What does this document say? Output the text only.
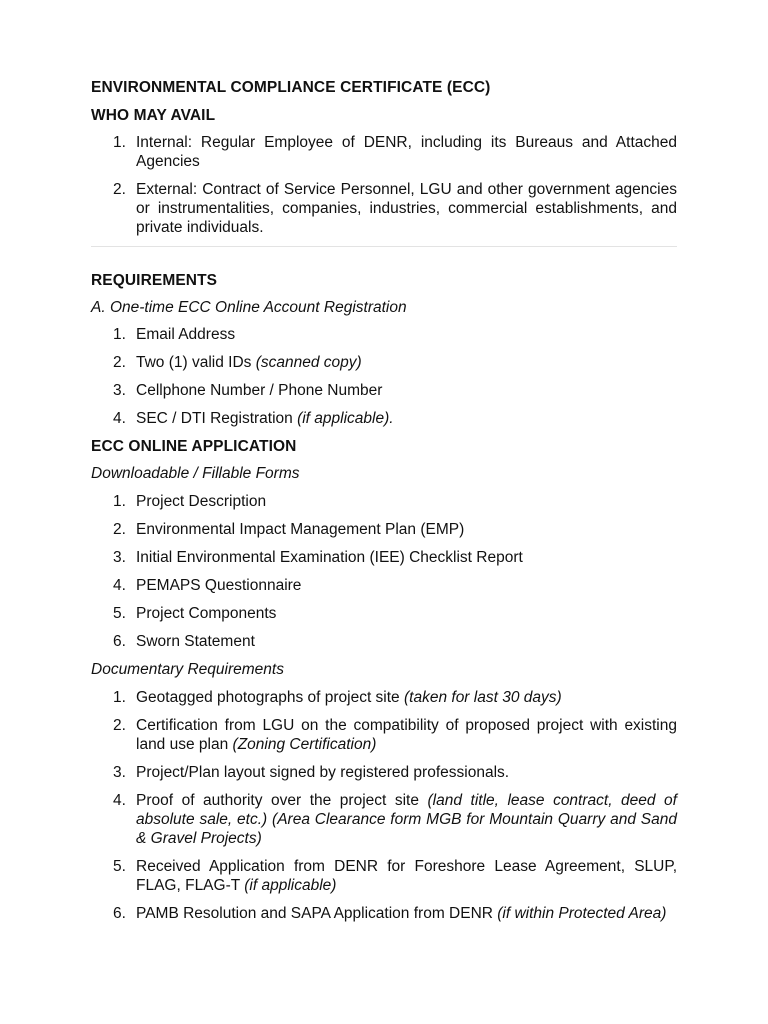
ENVIRONMENTAL COMPLIANCE CERTIFICATE (ECC)
WHO MAY AVAIL
1. Internal: Regular Employee of DENR, including its Bureaus and Attached Agencies
2. External: Contract of Service Personnel, LGU and other government agencies or instrumentalities, companies, industries, commercial establishments, and private individuals.
REQUIREMENTS

A. One-time ECC Online Account Registration

1. Email Address
2. Two (1) valid IDs (scanned copy)
3. Cellphone Number / Phone Number
4. SEC / DTI Registration (if applicable).
ECC ONLINE APPLICATION

Downloadable / Fillable Forms

1. Project Description
2. Environmental Impact Management Plan (EMP)
3. Initial Environmental Examination (IEE) Checklist Report
4. PEMAPS Questionnaire
5. Project Components
6. Sworn Statement

Documentary Requirements

1. Geotagged photographs of project site (taken for last 30 days)
2. Certification from LGU on the compatibility of proposed project with existing land use plan (Zoning Certification)
3. Project/Plan layout signed by registered professionals.
4. Proof of authority over the project site (land title, lease contract, deed of absolute sale, etc.) (Area Clearance form MGB for Mountain Quarry and Sand & Gravel Projects)
5. Received Application from DENR for Foreshore Lease Agreement, SLUP, FLAG, FLAG-T (if applicable)
6. PAMB Resolution and SAPA Application from DENR (if within Protected Area)
